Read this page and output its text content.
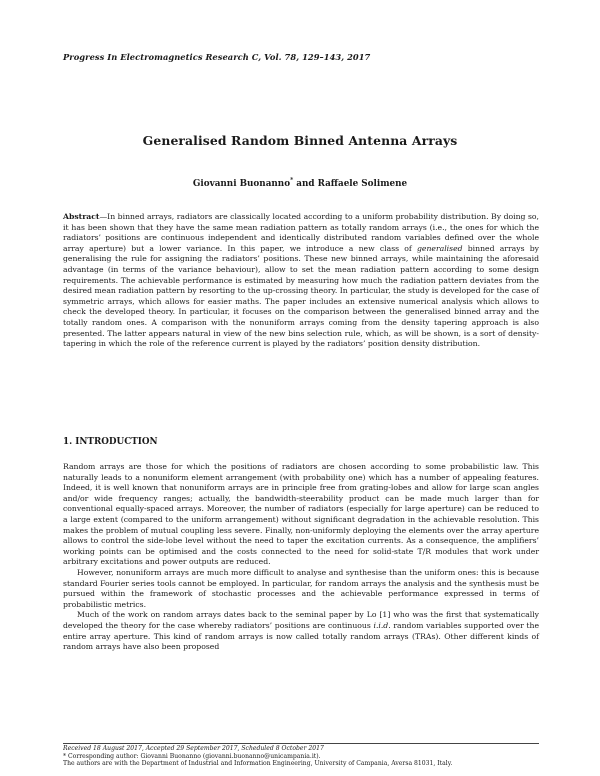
Progress In Electromagnetics Research C, Vol. 78, 129–143, 2017
Generalised Random Binned Antenna Arrays
Giovanni Buonanno* and Raffaele Solimene
Abstract—In binned arrays, radiators are classically located according to a uniform probability distribution. By doing so, it has been shown that they have the same mean radiation pattern as totally random arrays (i.e., the ones for which the radiators’ positions are continuous independent and identically distributed random variables defined over the whole array aperture) but a lower variance. In this paper, we introduce a new class of generalised binned arrays by generalising the rule for assigning the radiators’ positions. These new binned arrays, while maintaining the aforesaid advantage (in terms of the variance behaviour), allow to set the mean radiation pattern according to some design requirements. The achievable performance is estimated by measuring how much the radiation pattern deviates from the desired mean radiation pattern by resorting to the up-crossing theory. In particular, the study is developed for the case of symmetric arrays, which allows for easier maths. The paper includes an extensive numerical analysis which allows to check the developed theory. In particular, it focuses on the comparison between the generalised binned array and the totally random ones. A comparison with the nonuniform arrays coming from the density tapering approach is also presented. The latter appears natural in view of the new bins selection rule, which, as will be shown, is a sort of density-tapering in which the role of the reference current is played by the radiators’ position density distribution.
1. INTRODUCTION

Random arrays are those for which the positions of radiators are chosen according to some probabilistic law. This naturally leads to a nonuniform element arrangement (with probability one) which has a number of appealing features. Indeed, it is well known that nonuniform arrays are in principle free from grating-lobes and allow for large scan angles and/or wide frequency ranges; actually, the bandwidth-steerability product can be made much larger than for conventional equally-spaced arrays. Moreover, the number of radiators (especially for large aperture) can be reduced to a large extent (compared to the uniform arrangement) without significant degradation in the achievable resolution. This makes the problem of mutual coupling less severe. Finally, non-uniformly deploying the elements over the array aperture allows to control the side-lobe level without the need to taper the excitation currents. As a consequence, the amplifiers’ working points can be optimised and the costs connected to the need for solid-state T/R modules that work under arbitrary excitations and power outputs are reduced.

However, nonuniform arrays are much more difficult to analyse and synthesise than the uniform ones: this is because standard Fourier series tools cannot be employed. In particular, for random arrays the analysis and the synthesis must be pursued within the framework of stochastic processes and the achievable performance expressed in terms of probabilistic metrics.

Much of the work on random arrays dates back to the seminal paper by Lo [1] who was the first that systematically developed the theory for the case whereby radiators’ positions are continuous i.i.d. random variables supported over the entire array aperture. This kind of random arrays is now called totally random arrays (TRAs). Other different kinds of random arrays have also been proposed

Received 18 August 2017, Accepted 29 September 2017, Scheduled 8 October 2017
* Corresponding author: Giovanni Buonanno (giovanni.buonanno@unicampania.it).
The authors are with the Department of Industrial and Information Engineering, University of Campania, Aversa 81031, Italy.
